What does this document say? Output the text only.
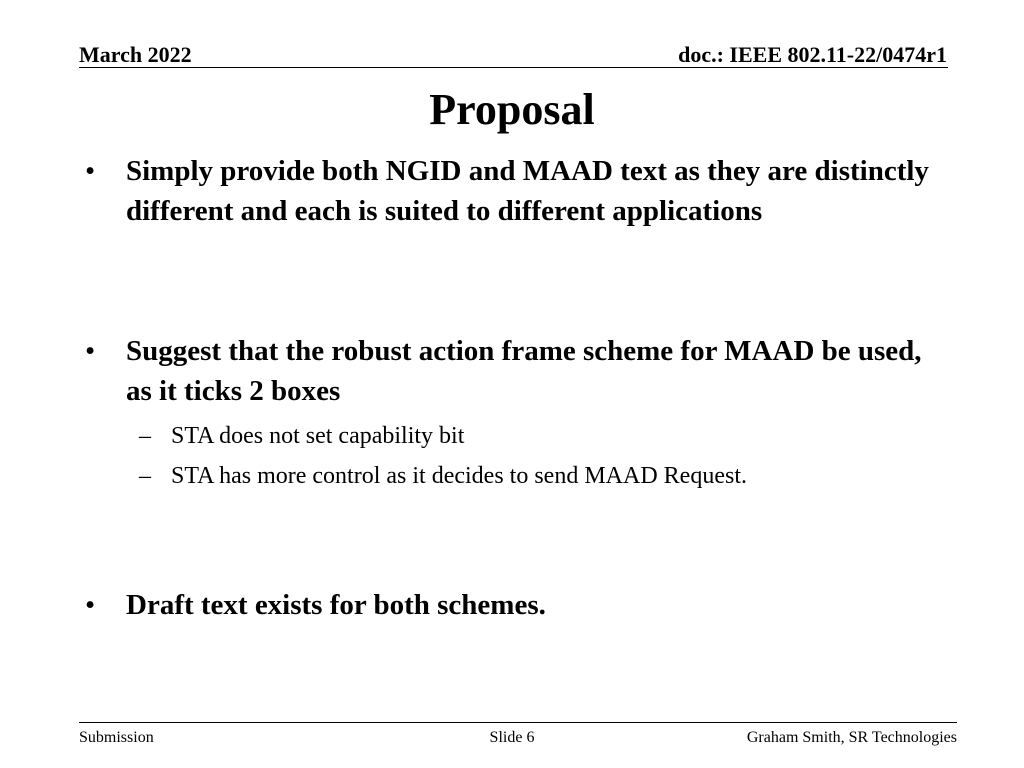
March 2022	doc.: IEEE 802.11-22/0474r1
Proposal
• Simply provide both NGID and MAAD text as they are distinctly different and each is suited to different applications
• Suggest that the robust action frame scheme for MAAD be used, as it ticks 2 boxes
– STA does not set capability bit
– STA has more control as it decides to send MAAD Request.
• Draft text exists for both schemes.
Submission	Slide 6	Graham Smith, SR Technologies
